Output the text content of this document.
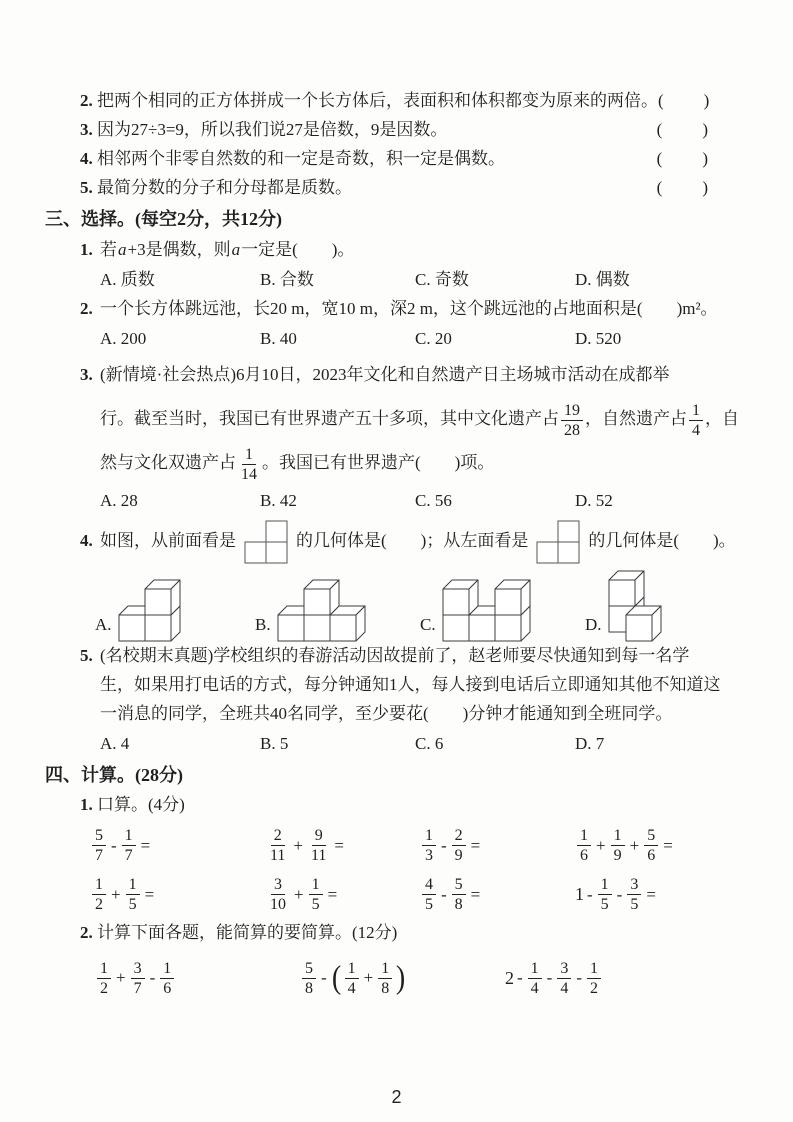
2. 把两个相同的正方体拼成一个长方体后，表面积和体积都变为原来的两倍。 (  )
3. 因为27÷3=9，所以我们说27是倍数，9是因数。	(  )
4. 相邻两个非零自然数的和一定是奇数，积一定是偶数。	(  )
5. 最简分数的分子和分母都是质数。	(  )
三、选择。(每空2分，共12分)
1. 若a+3是偶数，则a一定是(  )。
A. 质数	B. 合数	C. 奇数	D. 偶数
2. 一个长方体跳远池，长20 m，宽10 m，深2 m，这个跳远池的占地面积是(  )m²。
A. 200	B. 40	C. 20	D. 520
3. (新情境·社会热点)6月10日，2023年文化和自然遗产日主场城市活动在成都举
行。截至当时，我国已有世界遗产五十多项，其中文化遗产占 $\frac{19}{28}$ ，自然遗产占 $\frac{1}{4}$ ，自
然与文化双遗产占 $\frac{1}{14}$ 。我国已有世界遗产(  )项。
A. 28	B. 42	C. 56	D. 52
4. 如图，从前面看是	的几何体是(  )；从左面看是	的几何体是(  )。
A.	B.	C.	D.
5. (名校期末真题)学校组织的春游活动因故提前了，赵老师要尽快通知到每一名学
生，如果用打电话的方式，每分钟通知1人，每人接到电话后立即通知其他不知道这
一消息的同学，全班共40名同学，至少要花(  )分钟才能通知到全班同学。
A. 4	B. 5	C. 6	D. 7
四、计算。(28分)
1. 口算。(4分)
$\frac{5}{7} - \frac{1}{7}$ =	$\frac{2}{11} + \frac{9}{11}$ =	$\frac{1}{3} - \frac{2}{9}$ =	$\frac{1}{6} + \frac{1}{9} + \frac{5}{6}$ =
$\frac{1}{2} + \frac{1}{5}$ =	$\frac{3}{10} + \frac{1}{5}$ =	$\frac{4}{5} - \frac{5}{8}$ =	$1 - \frac{1}{5} - \frac{3}{5}$ =
2. 计算下面各题，能简算的要简算。(12分)
$\frac{1}{2} + \frac{3}{7} - \frac{1}{6}$	$\frac{5}{8}$ - ( $\frac{1}{4} + \frac{1}{8}$ )	$2 - \frac{1}{4} - \frac{3}{4} - \frac{1}{2}$
2
